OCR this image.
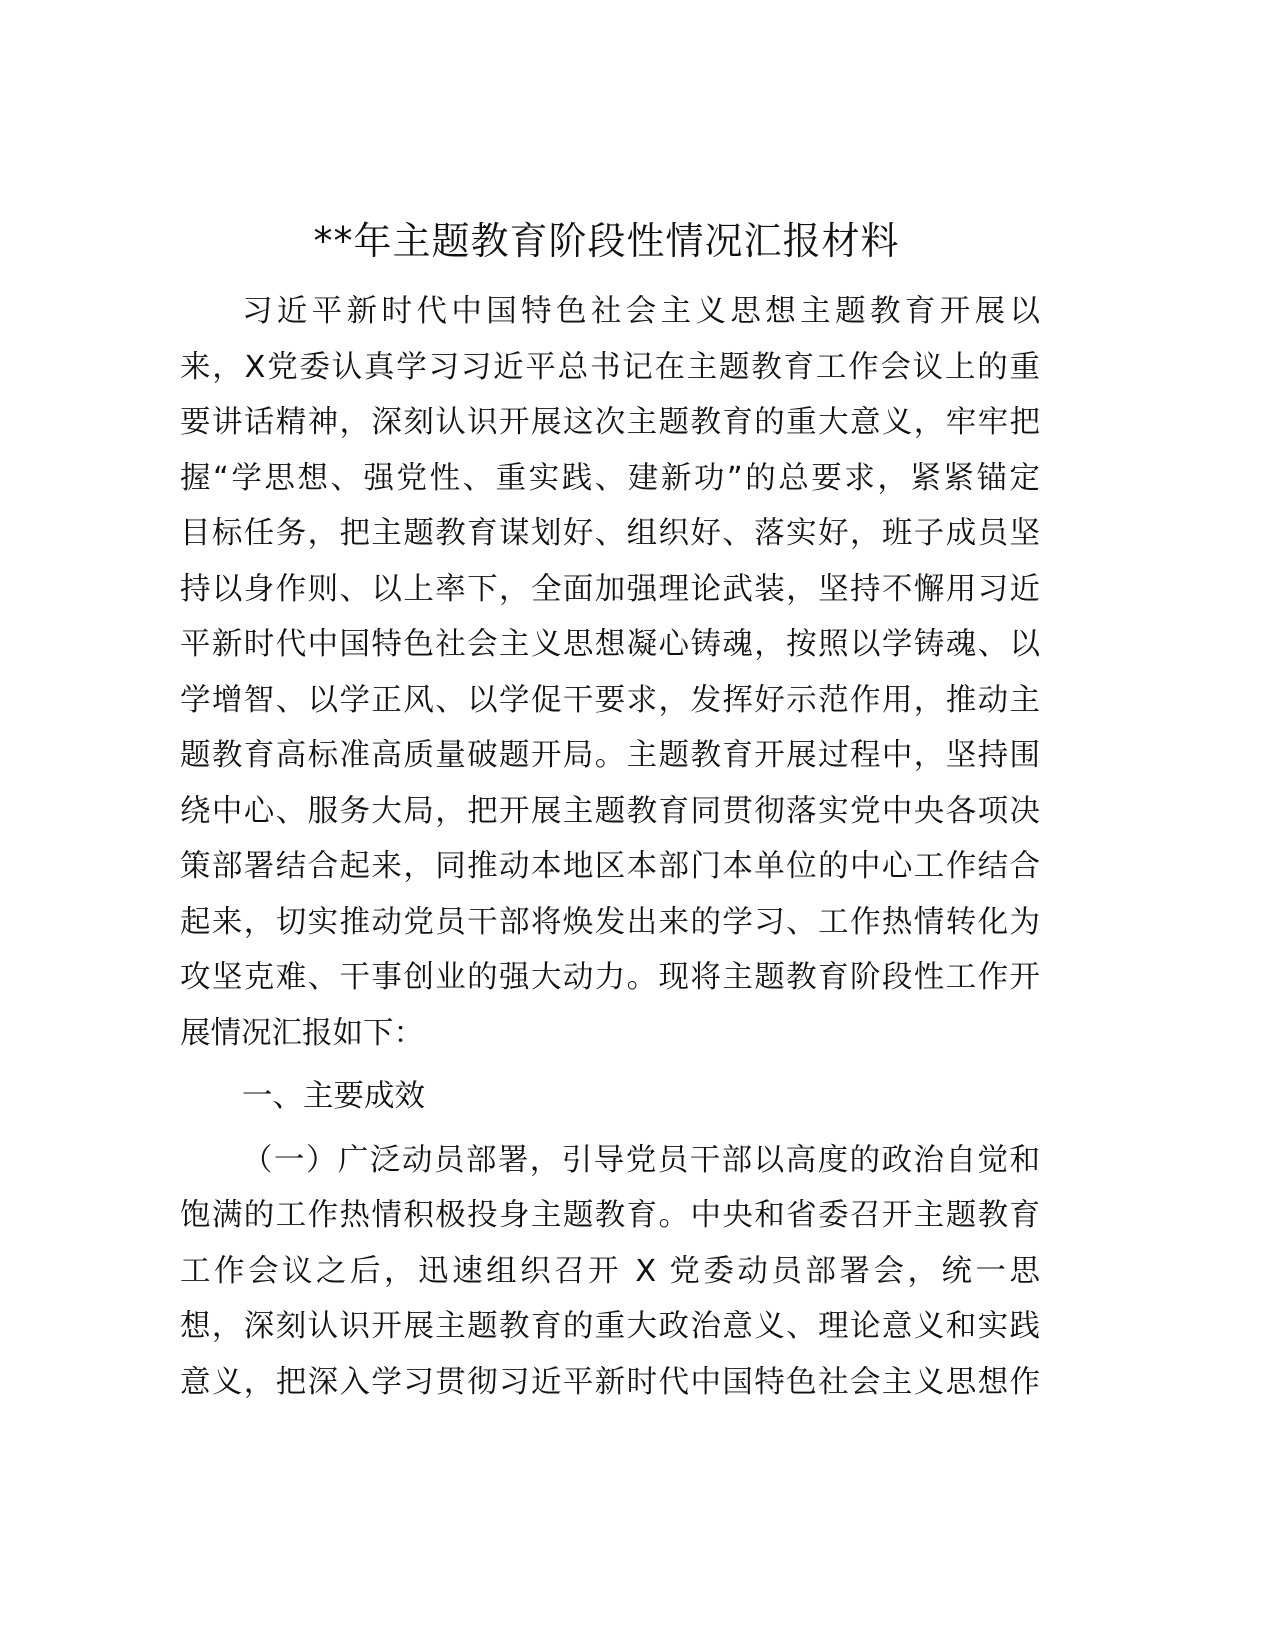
**年主题教育阶段性情况汇报材料
习近平新时代中国特色社会主义思想主题教育开展以
来，X党委认真学习习近平总书记在主题教育工作会议上的重
要讲话精神，深刻认识开展这次主题教育的重大意义，牢牢把
握“学思想、强党性、重实践、建新功”的总要求，紧紧锚定
目标任务，把主题教育谋划好、组织好、落实好，班子成员坚
持以身作则、以上率下，全面加强理论武装，坚持不懈用习近
平新时代中国特色社会主义思想凝心铸魂，按照以学铸魂、以
学增智、以学正风、以学促干要求，发挥好示范作用，推动主
题教育高标准高质量破题开局。主题教育开展过程中，坚持围
绕中心、服务大局，把开展主题教育同贯彻落实党中央各项决
策部署结合起来，同推动本地区本部门本单位的中心工作结合
起来，切实推动党员干部将焕发出来的学习、工作热情转化为
攻坚克难、干事创业的强大动力。现将主题教育阶段性工作开
展情况汇报如下：
一、主要成效
（一）广泛动员部署，引导党员干部以高度的政治自觉和
饱满的工作热情积极投身主题教育。中央和省委召开主题教育
工作会议之后，迅速组织召开 X 党委动员部署会，统一思
想，深刻认识开展主题教育的重大政治意义、理论意义和实践
意义，把深入学习贯彻习近平新时代中国特色社会主义思想作
